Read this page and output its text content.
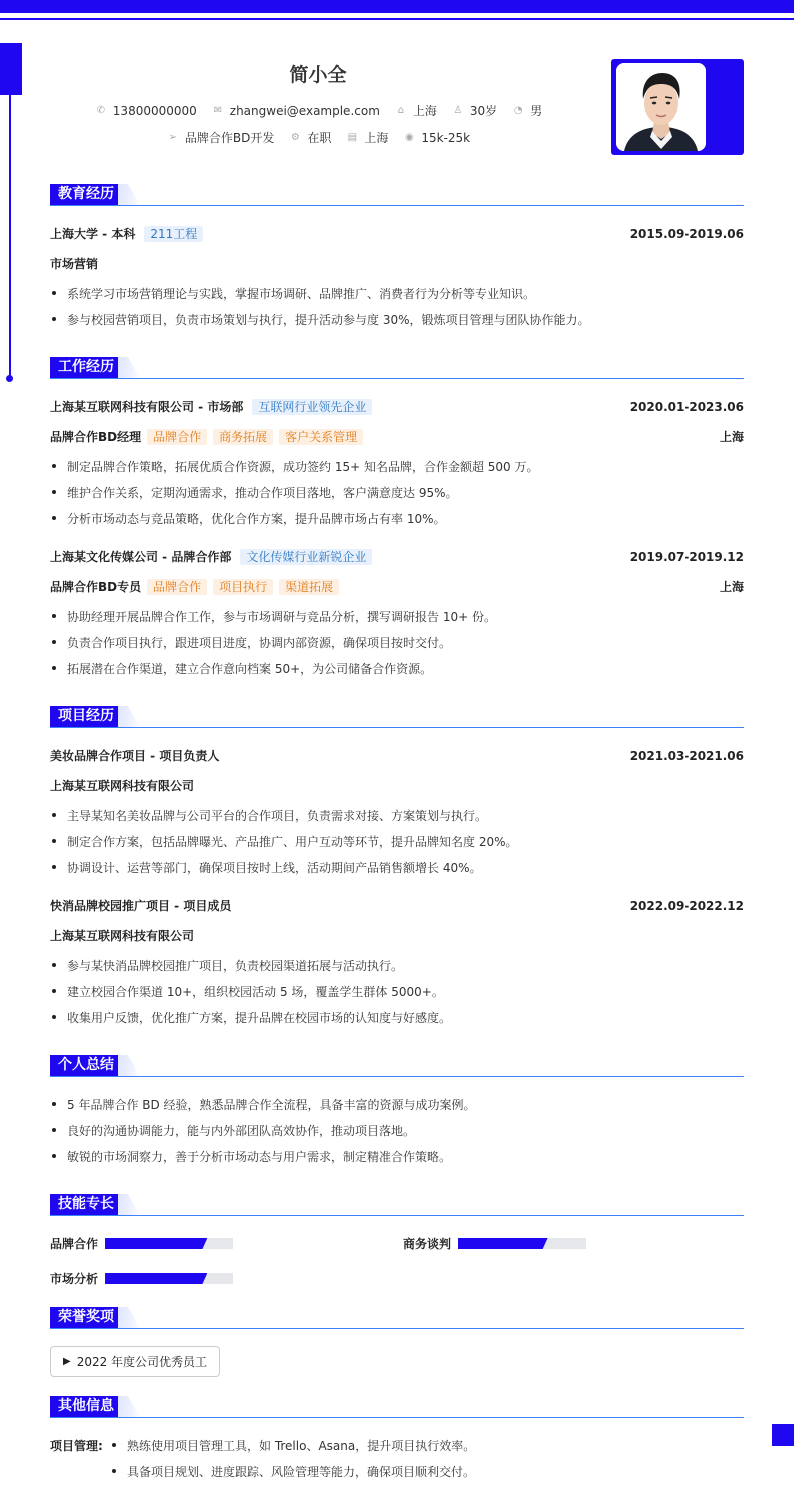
简小全
✆ 13800000000 ✉ zhangwei@example.com	⌂ 上海 ♙ 30岁 ◔ 男
➢ 品牌合作BD开发 ⚙ 在职 ▤ 上海 ◉ 15k-25k
教育经历
上海大学 - 本科	211工程	2015.09-2019.06
市场营销
系统学习市场营销理论与实践，掌握市场调研、品牌推广、消费者行为分析等专业知识。
参与校园营销项目，负责市场策划与执行，提升活动参与度 30%，锻炼项目管理与团队协作能力。
工作经历
上海某互联网科技有限公司 - 市场部	互联网行业领先企业	2020.01-2023.06
品牌合作BD经理	品牌合作	商务拓展	客户关系管理	上海
制定品牌合作策略，拓展优质合作资源，成功签约 15+ 知名品牌，合作金额超 500 万。
维护合作关系，定期沟通需求，推动合作项目落地，客户满意度达 95%。
分析市场动态与竞品策略，优化合作方案，提升品牌市场占有率 10%。
上海某文化传媒公司 - 品牌合作部	文化传媒行业新锐企业	2019.07-2019.12
品牌合作BD专员	品牌合作	项目执行	渠道拓展	上海
协助经理开展品牌合作工作，参与市场调研与竞品分析，撰写调研报告 10+ 份。
负责合作项目执行，跟进项目进度，协调内部资源，确保项目按时交付。
拓展潜在合作渠道，建立合作意向档案 50+，为公司储备合作资源。
项目经历
美妆品牌合作项目 - 项目负责人	2021.03-2021.06
上海某互联网科技有限公司
主导某知名美妆品牌与公司平台的合作项目，负责需求对接、方案策划与执行。
制定合作方案，包括品牌曝光、产品推广、用户互动等环节，提升品牌知名度 20%。
协调设计、运营等部门，确保项目按时上线，活动期间产品销售额增长 40%。
快消品牌校园推广项目 - 项目成员	2022.09-2022.12
上海某互联网科技有限公司
参与某快消品牌校园推广项目，负责校园渠道拓展与活动执行。
建立校园合作渠道 10+，组织校园活动 5 场，覆盖学生群体 5000+。
收集用户反馈，优化推广方案，提升品牌在校园市场的认知度与好感度。
个人总结
5 年品牌合作 BD 经验，熟悉品牌合作全流程，具备丰富的资源与成功案例。
良好的沟通协调能力，能与内外部团队高效协作，推动项目落地。
敏锐的市场洞察力，善于分析市场动态与用户需求，制定精准合作策略。
技能专长
品牌合作	商务谈判
市场分析
荣誉奖项
▶ 2022 年度公司优秀员工
其他信息
项目管理:	熟练使用项目管理工具，如 Trello、Asana，提升项目执行效率。
具备项目规划、进度跟踪、风险管理等能力，确保项目顺利交付。
